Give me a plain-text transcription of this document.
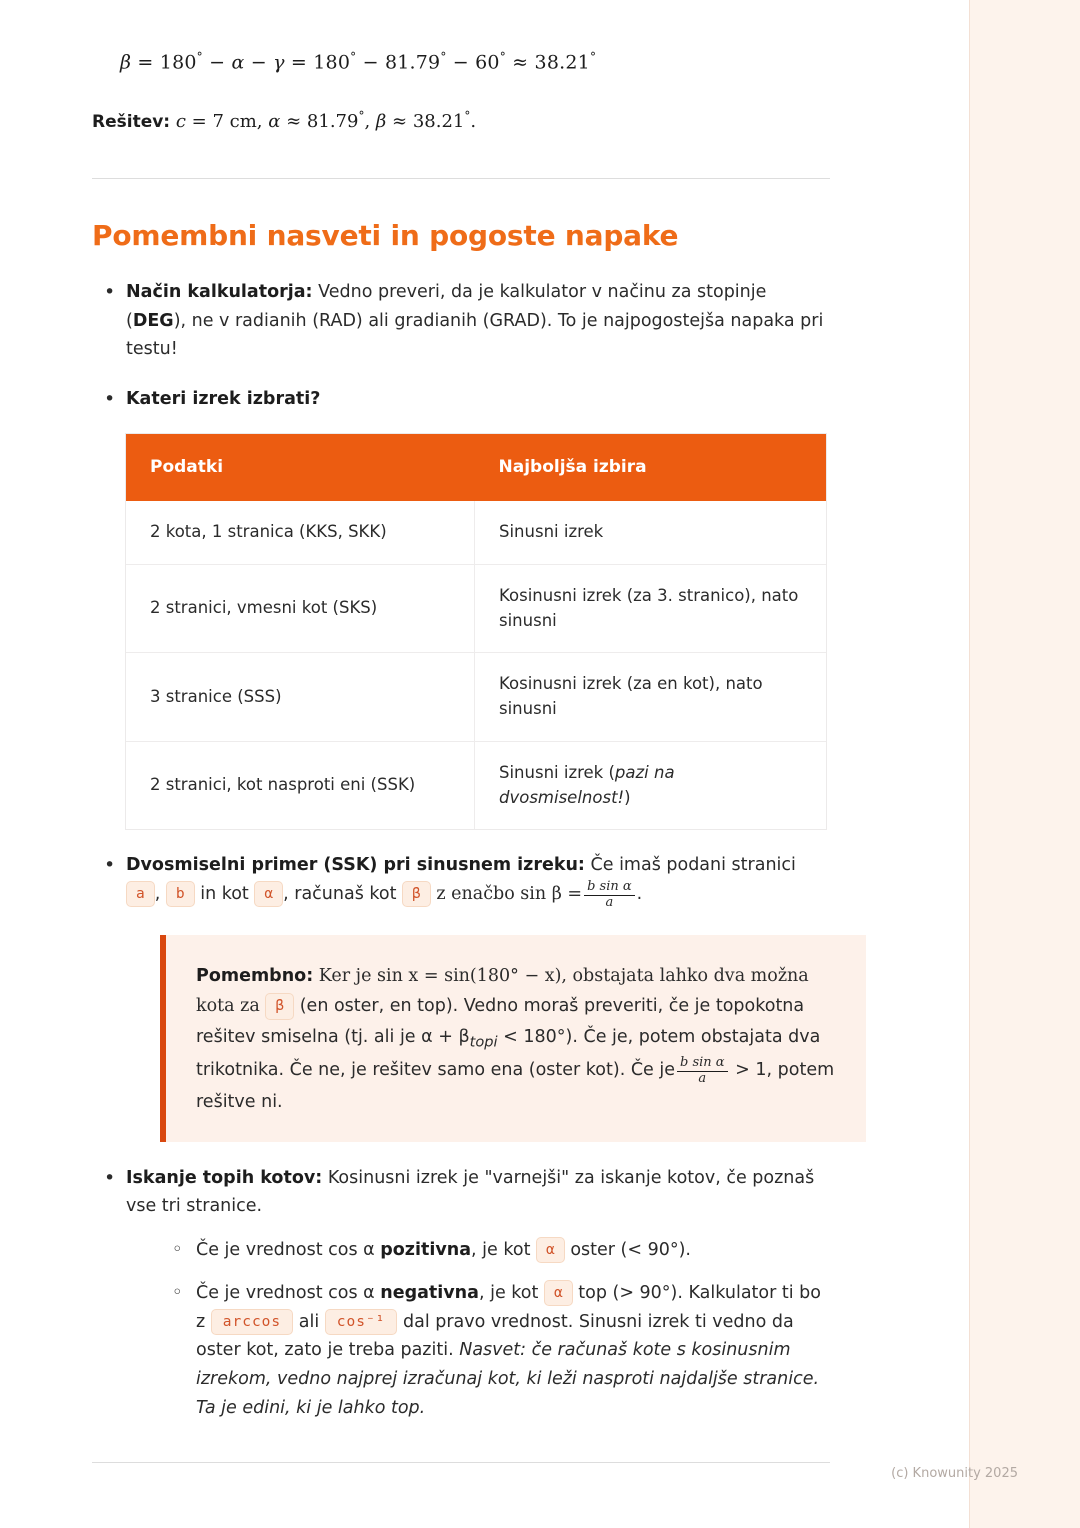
β = 180° − α − γ = 180° − 81.79° − 60° ≈ 38.21°
Rešitev: c = 7 cm, α ≈ 81.79°, β ≈ 38.21°.
Pomembni nasveti in pogoste napake
• Način kalkulatorja: Vedno preveri, da je kalkulator v načinu za stopinje (DEG), ne v radianih (RAD) ali gradianih (GRAD). To je najpogostejša napaka pri testu!
• Kateri izrek izbrati?
Podatki	Najboljša izbira
2 kota, 1 stranica (KKS, SKK)	Sinusni izrek
2 stranici, vmesni kot (SKS)	Kosinusni izrek (za 3. stranico), nato sinusni
3 stranice (SSS)	Kosinusni izrek (za en kot), nato sinusni
2 stranici, kot nasproti eni (SSK)	Sinusni izrek (pazi na dvosmiselnost!)
• Dvosmiselni primer (SSK) pri sinusnem izreku: Če imaš podani stranici a , b in kot α , računaš kot β z enačbo $\sin \beta = \frac{\text{b sin α}}{a}$ .
Pomembno: Ker je sin x = sin(180° − x), obstajata lahko dva možna kota za β (en oster, en top). Vedno moraš preveriti, če je topokotna rešitev smiselna (tj. ali je $\alpha + \beta_{topi} < 180^\circ$). Če je, potem obstajata dva trikotnika. Če ne, je rešitev samo ena (oster kot). Če je $\frac{\text{b sin α}}{a} > 1$, potem rešitve ni.
• Iskanje topih kotov: Kosinusni izrek je "varnejši" za iskanje kotov, če poznaš vse tri stranice.
◦ Če je vrednost cos α pozitivna, je kot α oster (< 90°).
◦ Če je vrednost cos α negativna, je kot α top (> 90°). Kalkulator ti bo z arccos ali cos⁻¹ dal pravo vrednost. Sinusni izrek ti vedno da oster kot, zato je treba paziti. Nasvet: če računaš kote s kosinusnim izrekom, vedno najprej izračunaj kot, ki leži nasproti najdaljše stranice. Ta je edini, ki je lahko top.
(c) Knowunity 2025
